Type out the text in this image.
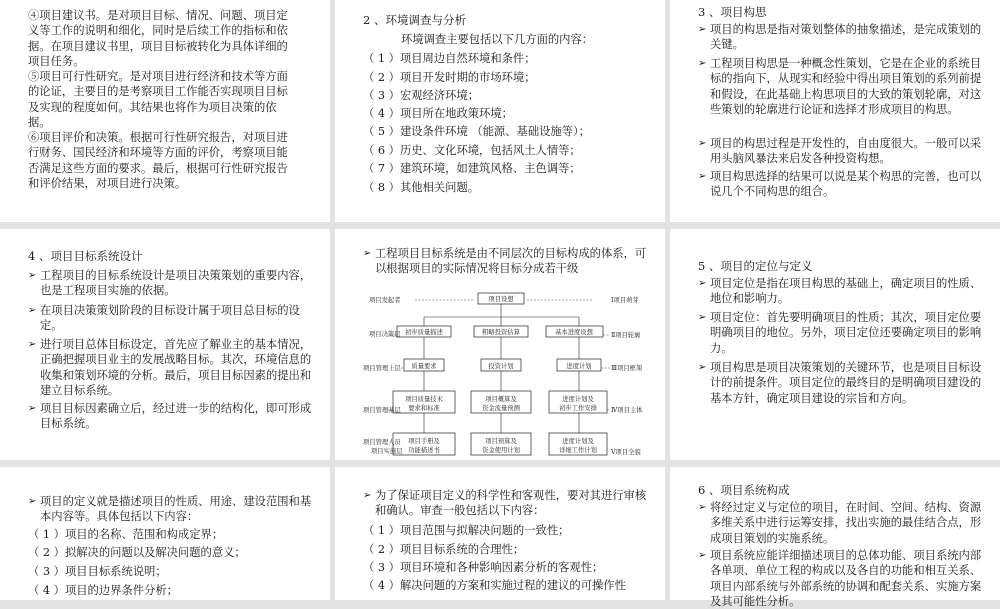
④项目建议书。是对项目目标、情况、问题、项目定义等工作的说明和细化，同时是后续工作的指标和依据。在项目建议书里，项目目标被转化为具体详细的项目任务。
⑤项目可行性研究。是对项目进行经济和技术等方面的论证，主要目的是考察项目工作能否实现项目目标及实现的程度如何。其结果也将作为项目决策的依据。
⑥项目评价和决策。根据可行性研究报告，对项目进行财务、国民经济和环境等方面的评价，考察项目能否满足这些方面的要求。最后，根据可行性研究报告和评价结果，对项目进行决策。
2 、环境调查与分析
环境调查主要包括以下几方面的内容：
（ 1 ）项目周边自然环境和条件；
（ 2 ）项目开发时期的市场环境；
（ 3 ）宏观经济环境；
（ 4 ）项目所在地政策环境；
（ 5 ）建设条件环境 （能源、基础设施等）；
（ 6 ）历史、文化环境，包括风土人情等；
（ 7 ）建筑环境，如建筑风格、主色调等；
（ 8 ）其他相关问题。
3 、项目构思
➢ 项目的构思是指对策划整体的抽象描述，是完成策划的关键。
➢ 工程项目构思是一种概念性策划，它是在企业的系统目标的指向下，从现实和经验中得出项目策划的系列前提和假设，在此基础上构思项目的大致的策划轮廓，对这些策划的轮廓进行论证和选择才形成项目的构思。
➢ 项目的构思过程是开发性的，自由度很大。一般可以采用头脑风暴法来启发各种投资构想。
➢ 项目构思选择的结果可以说是某个构思的完善，也可以说几个不同构思的组合。
4 、项目目标系统设计
➢ 工程项目的目标系统设计是项目决策策划的重要内容，也是工程项目实施的依据。
➢ 在项目决策策划阶段的目标设计属于项目总目标的设定。
➢ 进行项目总体目标设定，首先应了解业主的基本情况，正确把握项目业主的发展战略目标。其次，环境信息的收集和策划环境的分析。最后，项目目标因素的提出和建立目标系统。
➢ 项目目标因素确立后，经过进一步的结构化，即可形成目标系统。
➢ 工程项目目标系统是由不同层次的目标构成的体系，可以根据项目的实际情况将目标分成若干级
项目设想
初步质量描述	粗略投资估算	基本进度设想
质量要求	投资计划	进度计划
项目质量技术
要求和标准
项目概算及
资金流量预测
进度计划及
初步工作安排
项目手册及
功能描述书
项目预算及
资金使用计划
进度计划及
详细工作计划
项目发起者
项目决策层
项目管理上层
项目管理基层
项目管理人员
项目实施层
Ⅰ项目萌芽
Ⅱ项目轮廓
Ⅲ项目框架
Ⅳ项目主体
Ⅴ项目全貌
5 、项目的定位与定义
➢ 项目定位是指在项目构思的基础上，确定项目的性质、地位和影响力。
➢ 项目定位：首先要明确项目的性质；其次，项目定位要明确项目的地位。另外，项目定位还要确定项目的影响力。
➢ 项目构思是项目决策策划的关键环节，也是项目目标设计的前提条件。项目定位的最终目的是明确项目建设的基本方针，确定项目建设的宗旨和方向。
➢ 项目的定义就是描述项目的性质、用途、建设范围和基本内容等。具体包括以下内容：
（ 1 ）项目的名称、范围和构成定界；
（ 2 ）拟解决的问题以及解决问题的意义；
（ 3 ）项目目标系统说明；
（ 4 ）项目的边界条件分析；
➢ 为了保证项目定义的科学性和客观性，要对其进行审核和确认。审查一般包括以下内容：
（ 1 ）项目范围与拟解决问题的一致性；
（ 2 ）项目目标系统的合理性；
（ 3 ）项目环境和各种影响因素分析的客观性；
（ 4 ）解决问题的方案和实施过程的建议的可操作性
6 、项目系统构成
➢ 将经过定义与定位的项目，在时间、空间、结构、资源多维关系中进行运筹安排，找出实施的最佳结合点，形成项目策划的实施系统。
➢ 项目系统应能详细描述项目的总体功能、项目系统内部各单项、单位工程的构成以及各自的功能和相互关系、项目内部系统与外部系统的协调和配套关系、实施方案及其可能性分析。
